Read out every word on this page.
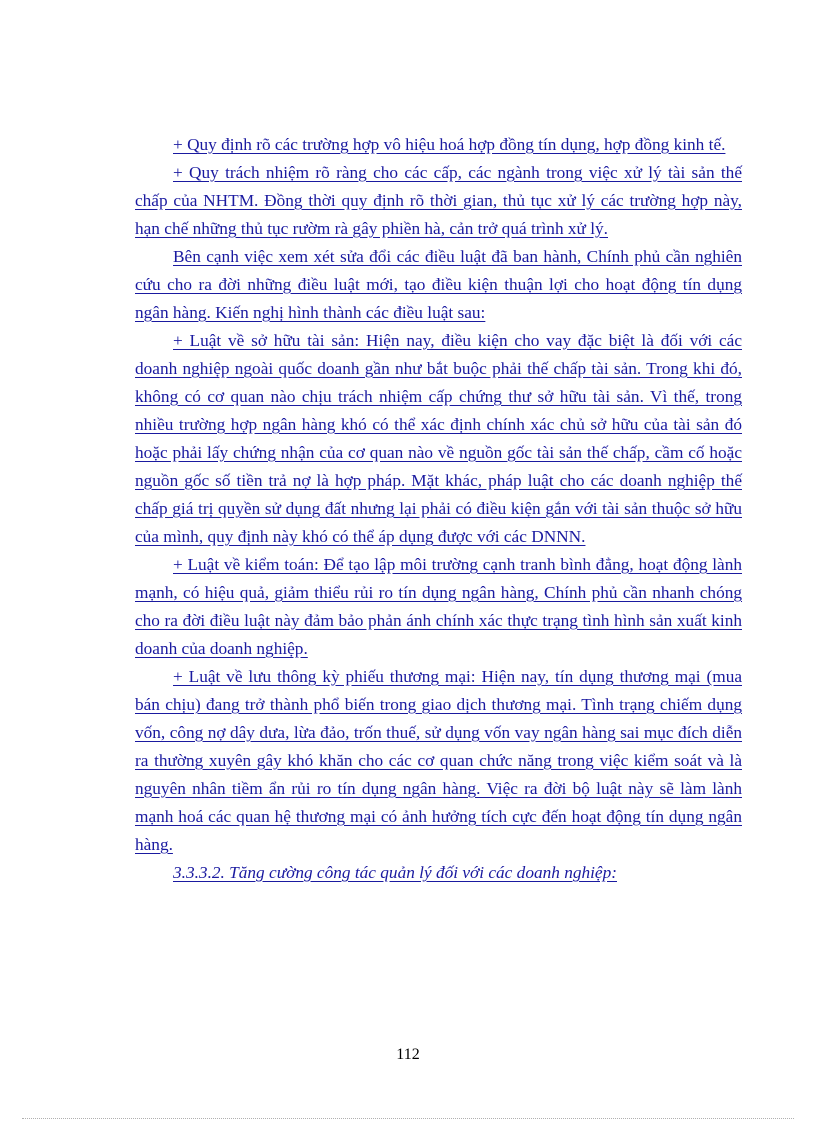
+ Quy định rõ các trường hợp vô hiệu hoá hợp đồng tín dụng, hợp đồng kinh tế.

+ Quy trách nhiệm rõ ràng cho các cấp, các ngành trong việc xử lý tài sản thế chấp của NHTM. Đồng thời quy định rõ thời gian, thủ tục xử lý các trường hợp này, hạn chế những thủ tục rườm rà gây phiền hà, cản trở quá trình xử lý.

Bên cạnh việc xem xét sửa đổi các điều luật đã ban hành, Chính phủ cần nghiên cứu cho ra đời những điều luật mới, tạo điều kiện thuận lợi cho hoạt động tín dụng ngân hàng. Kiến nghị hình thành các điều luật sau:

+ Luật về sở hữu tài sản: Hiện nay, điều kiện cho vay đặc biệt là đối với các doanh nghiệp ngoài quốc doanh gần như bắt buộc phải thế chấp tài sản. Trong khi đó, không có cơ quan nào chịu trách nhiệm cấp chứng thư sở hữu tài sản. Vì thế, trong nhiều trường hợp ngân hàng khó có thể xác định chính xác chủ sở hữu của tài sản đó hoặc phải lấy chứng nhận của cơ quan nào về nguồn gốc tài sản thế chấp, cầm cố hoặc nguồn gốc số tiền trả nợ là hợp pháp. Mặt khác, pháp luật cho các doanh nghiệp thế chấp giá trị quyền sử dụng đất nhưng lại phải có điều kiện gắn với tài sản thuộc sở hữu của mình, quy định này khó có thể áp dụng được với các DNNN.

+ Luật về kiểm toán: Để tạo lập môi trường cạnh tranh bình đẳng, hoạt động lành mạnh, có hiệu quả, giảm thiểu rủi ro tín dụng ngân hàng, Chính phủ cần nhanh chóng cho ra đời điều luật này đảm bảo phản ánh chính xác thực trạng tình hình sản xuất kinh doanh của doanh nghiệp.

+ Luật về lưu thông kỳ phiếu thương mại: Hiện nay, tín dụng thương mại (mua bán chịu) đang trở thành phổ biến trong giao dịch thương mại. Tình trạng chiếm dụng vốn, công nợ dây dưa, lừa đảo, trốn thuế, sử dụng vốn vay ngân hàng sai mục đích diễn ra thường xuyên gây khó khăn cho các cơ quan chức năng trong việc kiểm soát và là nguyên nhân tiềm ẩn rủi ro tín dụng ngân hàng. Việc ra đời bộ luật này sẽ làm lành mạnh hoá các quan hệ thương mại có ảnh hưởng tích cực đến hoạt động tín dụng ngân hàng.

3.3.3.2. Tăng cường công tác quản lý đối với các doanh nghiệp:

112
